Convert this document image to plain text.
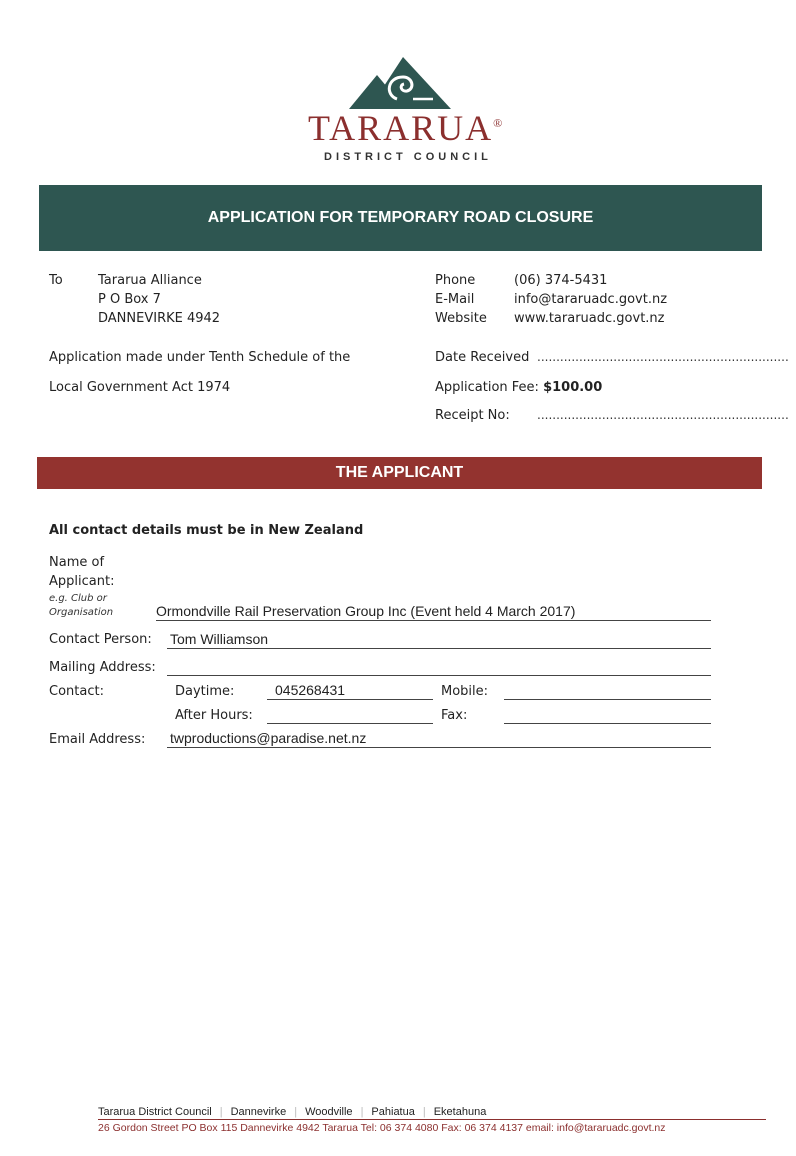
TARARUA®
DISTRICT COUNCIL
APPLICATION FOR TEMPORARY ROAD CLOSURE
To	Tararua Alliance
P O Box 7
DANNEVIRKE 4942
Phone	(06) 374-5431
E-Mail	info@tararuadc.govt.nz
Website www.tararuadc.govt.nz
Application made under Tenth Schedule of the
Local Government Act 1974
Date Received ..................................................................
Application Fee: $100.00
Receipt No: ..................................................................
THE APPLICANT
All contact details must be in New Zealand
Name of
Applicant:
e.g. Club or
Organisation	Ormondville Rail Preservation Group Inc (Event held 4 March 2017)
Contact Person: Tom Williamson
Mailing Address:
Contact:	Daytime:	045268431	Mobile:
After Hours:	Fax:
Email Address: twproductions@paradise.net.nz
Tararua District Council | Dannevirke | Woodville | Pahiatua | Eketahuna
26 Gordon Street PO Box 115 Dannevirke 4942 Tararua Tel: 06 374 4080 Fax: 06 374 4137 email: info@tararuadc.govt.nz
